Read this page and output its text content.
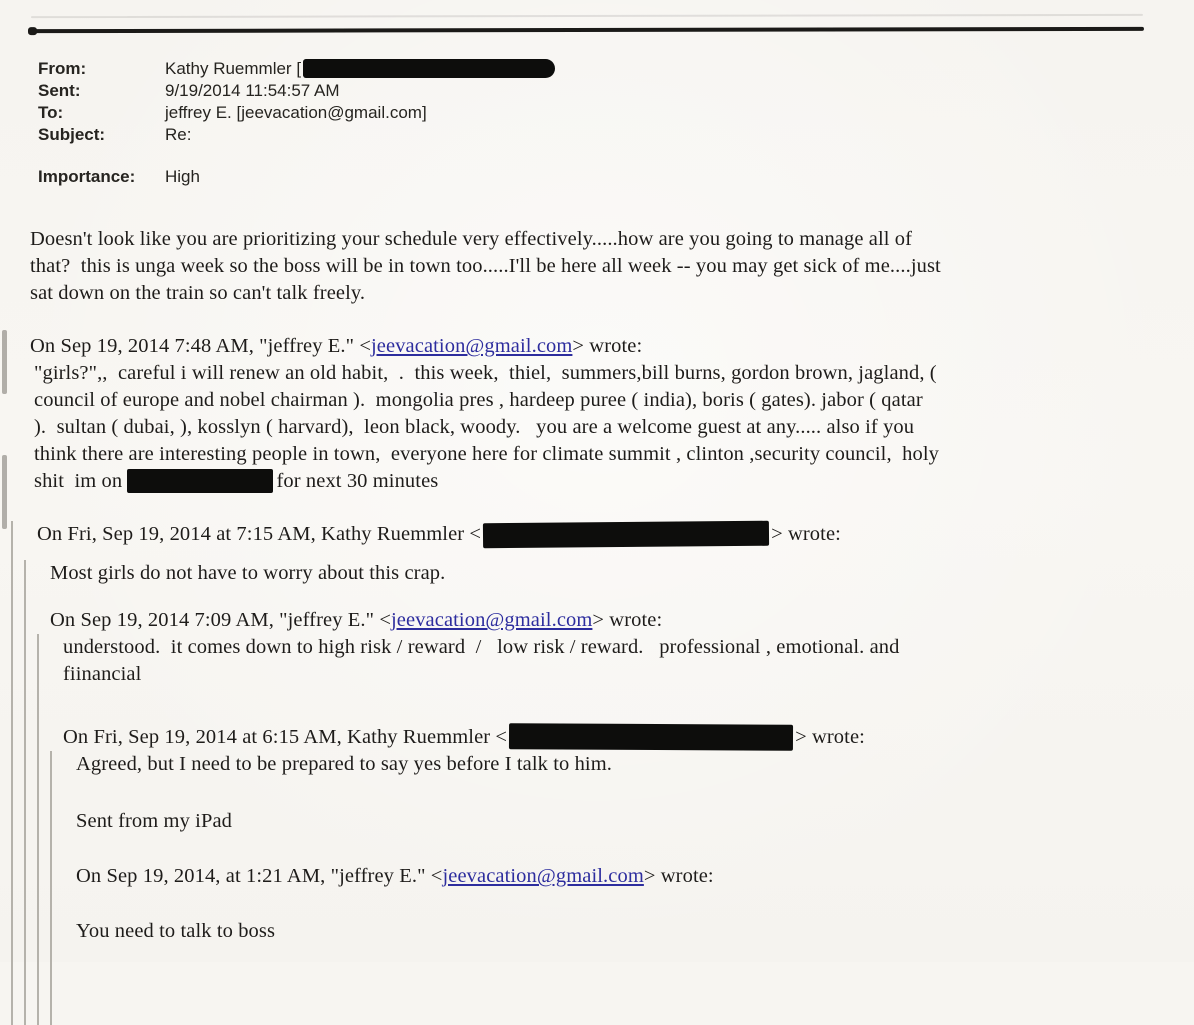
From:	Kathy Ruemmler [
Sent:	9/19/2014 11:54:57 AM
To:	jeffrey E. [jeevacation@gmail.com]
Subject:	Re:
Importance:	High
Doesn't look like you are prioritizing your schedule very effectively.....how are you going to manage all of
that?  this is unga week so the boss will be in town too.....I'll be here all week -- you may get sick of me....just
sat down on the train so can't talk freely.
On Sep 19, 2014 7:48 AM, "jeffrey E." <jeevacation@gmail.com> wrote:
"girls?",,  careful i will renew an old habit,  .  this week,  thiel,  summers,bill burns, gordon brown, jagland, (
council of europe and nobel chairman ).  mongolia pres , hardeep puree ( india), boris ( gates). jabor ( qatar
).  sultan ( dubai, ), kosslyn ( harvard),  leon black, woody.   you are a welcome guest at any..... also if you
think there are interesting people in town,  everyone here for climate summit , clinton ,security council,  holy
shit  im on	for next 30 minutes
On Fri, Sep 19, 2014 at 7:15 AM, Kathy Ruemmler <	> wrote:
Most girls do not have to worry about this crap.
On Sep 19, 2014 7:09 AM, "jeffrey E." <jeevacation@gmail.com> wrote:
understood.  it comes down to high risk / reward  /   low risk / reward.   professional , emotional. and
fiinancial
On Fri, Sep 19, 2014 at 6:15 AM, Kathy Ruemmler <	> wrote:
Agreed, but I need to be prepared to say yes before I talk to him.
Sent from my iPad
On Sep 19, 2014, at 1:21 AM, "jeffrey E." <jeevacation@gmail.com> wrote:
You need to talk to boss
